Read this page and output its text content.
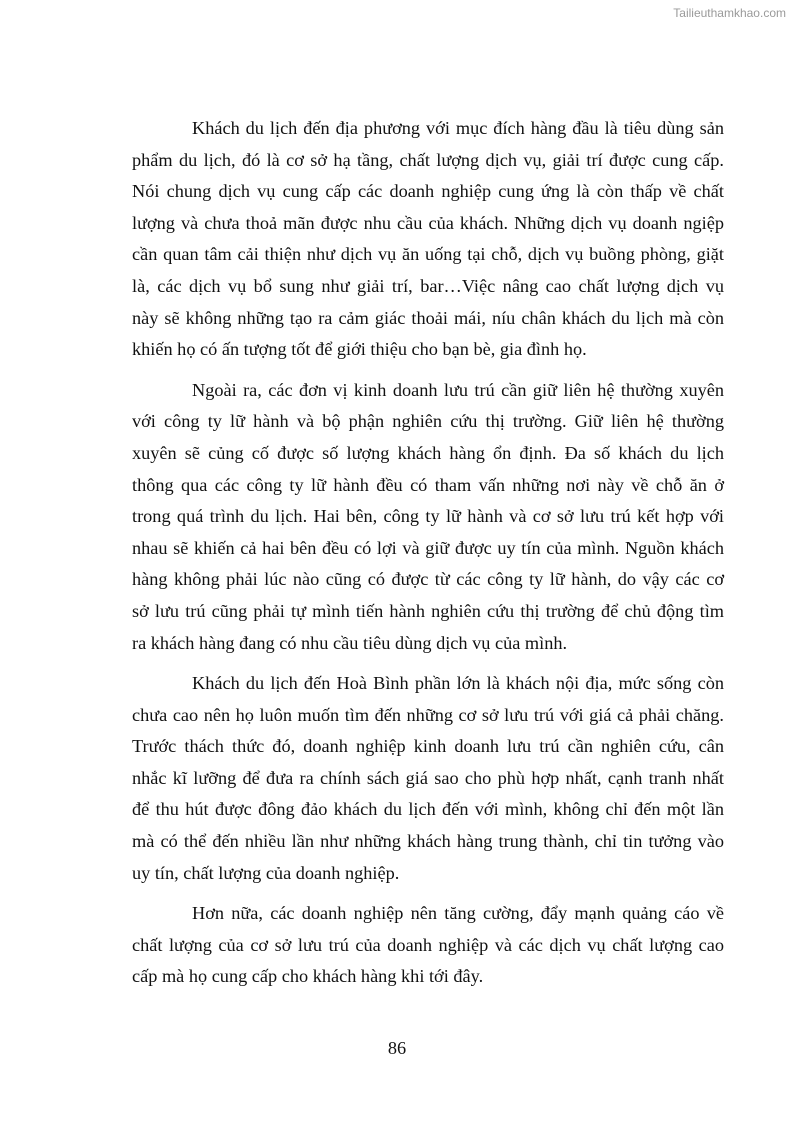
Tailieuthamkhao.com
Khách du lịch đến địa phương với mục đích hàng đầu là tiêu dùng sản
phẩm du lịch, đó là cơ sở hạ tầng, chất lượng dịch vụ, giải trí được cung cấp.
Nói chung dịch vụ cung cấp các doanh nghiệp cung ứng là còn thấp về chất
lượng và chưa thoả mãn được nhu cầu của khách. Những dịch vụ doanh ngiệp
cần quan tâm cải thiện như dịch vụ ăn uống tại chỗ, dịch vụ buồng phòng, giặt
là, các dịch vụ bổ sung như giải trí, bar…Việc nâng cao chất lượng dịch vụ
này sẽ không những tạo ra cảm giác thoải mái, níu chân khách du lịch mà còn
khiến họ có ấn tượng tốt để giới thiệu cho bạn bè, gia đình họ.
Ngoài ra, các đơn vị kinh doanh lưu trú cần giữ liên hệ thường xuyên
với công ty lữ hành và bộ phận nghiên cứu thị trường. Giữ liên hệ thường
xuyên sẽ củng cố được số lượng khách hàng ổn định. Đa số khách du lịch
thông qua các công ty lữ hành đều có tham vấn những nơi này về chỗ ăn ở
trong quá trình du lịch. Hai bên, công ty lữ hành và cơ sở lưu trú kết hợp với
nhau sẽ khiến cả hai bên đều có lợi và giữ được uy tín của mình. Nguồn khách
hàng không phải lúc nào cũng có được từ các công ty lữ hành, do vậy các cơ
sở lưu trú cũng phải tự mình tiến hành nghiên cứu thị trường để chủ động tìm
ra khách hàng đang có nhu cầu tiêu dùng dịch vụ của mình.
Khách du lịch đến Hoà Bình phần lớn là khách nội địa, mức sống còn
chưa cao nên họ luôn muốn tìm đến những cơ sở lưu trú với giá cả phải chăng.
Trước thách thức đó, doanh nghiệp kinh doanh lưu trú cần nghiên cứu, cân
nhắc kĩ lưỡng để đưa ra chính sách giá sao cho phù hợp nhất, cạnh tranh nhất
để thu hút được đông đảo khách du lịch đến với mình, không chỉ đến một lần
mà có thể đến nhiều lần như những khách hàng trung thành, chỉ tin tưởng vào
uy tín, chất lượng của doanh nghiệp.
Hơn nữa, các doanh nghiệp nên tăng cường, đẩy mạnh quảng cáo về
chất lượng của cơ sở lưu trú của doanh nghiệp và các dịch vụ chất lượng cao
cấp mà họ cung cấp cho khách hàng khi tới đây.
86
